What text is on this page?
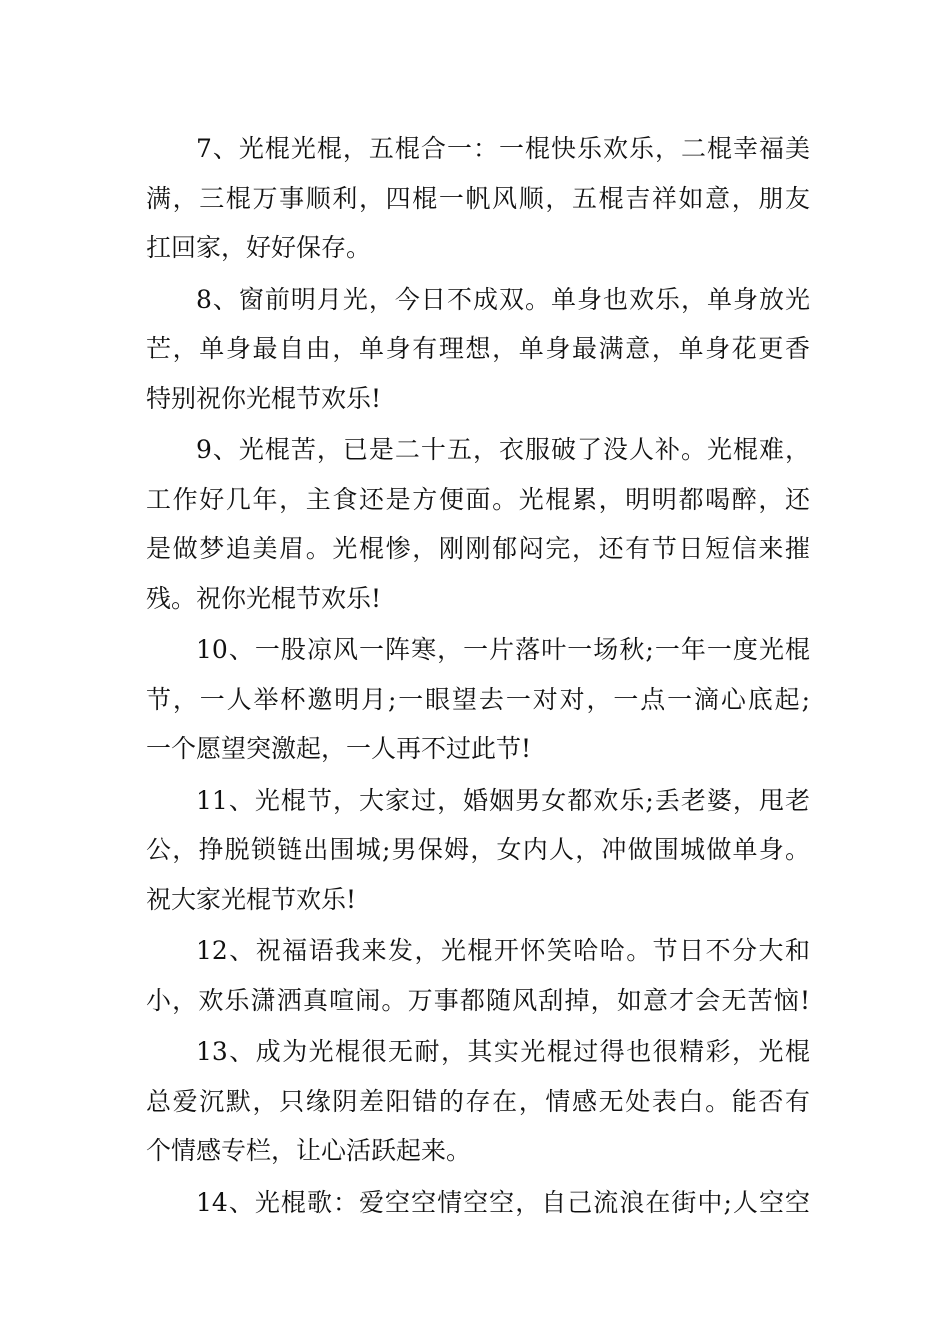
7、光棍光棍，五棍合一：一棍快乐欢乐，二棍幸福美
满，三棍万事顺利，四棍一帆风顺，五棍吉祥如意，朋友
扛回家，好好保存。

8、窗前明月光，今日不成双。单身也欢乐，单身放光
芒，单身最自由，单身有理想，单身最满意，单身花更香
特别祝你光棍节欢乐!

9、光棍苦，已是二十五，衣服破了没人补。光棍难，
工作好几年，主食还是方便面。光棍累，明明都喝醉，还
是做梦追美眉。光棍惨，刚刚郁闷完，还有节日短信来摧
残。祝你光棍节欢乐!

10、一股凉风一阵寒，一片落叶一场秋;一年一度光棍
节，一人举杯邀明月;一眼望去一对对，一点一滴心底起;
一个愿望突激起，一人再不过此节!

11、光棍节，大家过，婚姻男女都欢乐;丢老婆，甩老
公，挣脱锁链出围城;男保姆，女内人，冲做围城做单身。
祝大家光棍节欢乐!

12、祝福语我来发，光棍开怀笑哈哈。节日不分大和
小，欢乐潇洒真喧闹。万事都随风刮掉，如意才会无苦恼!

13、成为光棍很无耐，其实光棍过得也很精彩，光棍
总爱沉默，只缘阴差阳错的存在，情感无处表白。能否有
个情感专栏，让心活跃起来。

14、光棍歌：爱空空情空空，自己流浪在街中;人空空
